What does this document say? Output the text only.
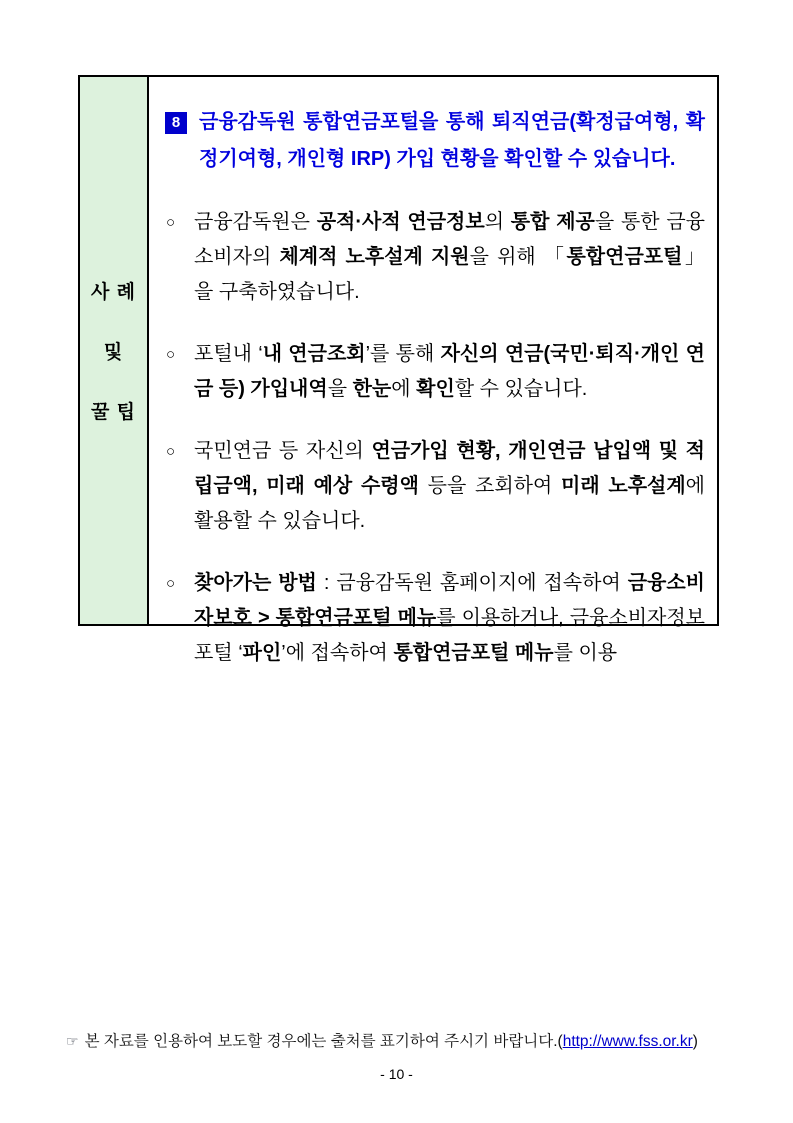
사 례
및
꿀 팁
8 금융감독원 통합연금포털을 통해 퇴직연금(확정급여형, 확정기여형, 개인형 IRP) 가입 현황을 확인할 수 있습니다.
○ 금융감독원은 공적·사적 연금정보의 통합 제공을 통한 금융소비자의 체계적 노후설계 지원을 위해 「통합연금포털」을 구축하였습니다.
○ 포털내 ‘내 연금조회’를 통해 자신의 연금(국민·퇴직·개인 연금 등) 가입내역을 한눈에 확인할 수 있습니다.
○ 국민연금 등 자신의 연금가입 현황, 개인연금 납입액 및 적립금액, 미래 예상 수령액 등을 조회하여 미래 노후설계에 활용할 수 있습니다.
○ 찾아가는 방법 : 금융감독원 홈페이지에 접속하여 금융소비자보호 > 통합연금포털 메뉴를 이용하거나, 금융소비자정보포털 ‘파인’에 접속하여 통합연금포털 메뉴를 이용
☞ 본 자료를 인용하여 보도할 경우에는 출처를 표기하여 주시기 바랍니다.(http://www.fss.or.kr)
- 10 -
